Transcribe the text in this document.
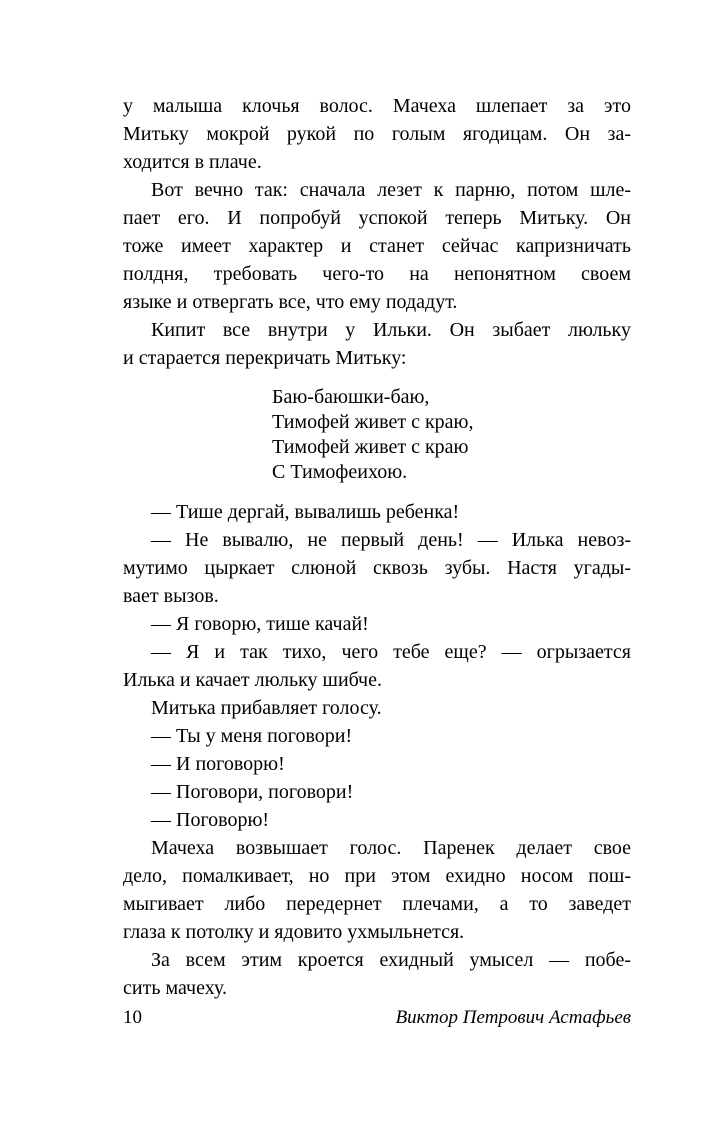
у малыша клочья волос. Мачеха шлепает за это
Митьку мокрой рукой по голым ягодицам. Он за-
ходится в плаче.
Вот вечно так: сначала лезет к парню, потом шле-
пает его. И попробуй успокой теперь Митьку. Он
тоже имеет характер и станет сейчас капризничать
полдня, требовать чего-то на непонятном своем
языке и отвергать все, что ему подадут.
Кипит все внутри у Ильки. Он зыбает люльку
и старается перекричать Митьку:
Баю-баюшки-баю,
Тимофей живет с краю,
Тимофей живет с краю
С Тимофеихою.
— Тише дергай, вывалишь ребенка!
— Не вывалю, не первый день! — Илька невоз-
мутимо цыркает слюной сквозь зубы. Настя угады-
вает вызов.
— Я говорю, тише качай!
— Я и так тихо, чего тебе еще? — огрызается
Илька и качает люльку шибче.
Митька прибавляет голосу.
— Ты у меня поговори!
— И поговорю!
— Поговори, поговори!
— Поговорю!
Мачеха возвышает голос. Паренек делает свое
дело, помалкивает, но при этом ехидно носом пош-
мыгивает либо передернет плечами, а то заведет
глаза к потолку и ядовито ухмыльнется.
За всем этим кроется ехидный умысел — побе-
сить мачеху.
10	Виктор Петрович Астафьев
